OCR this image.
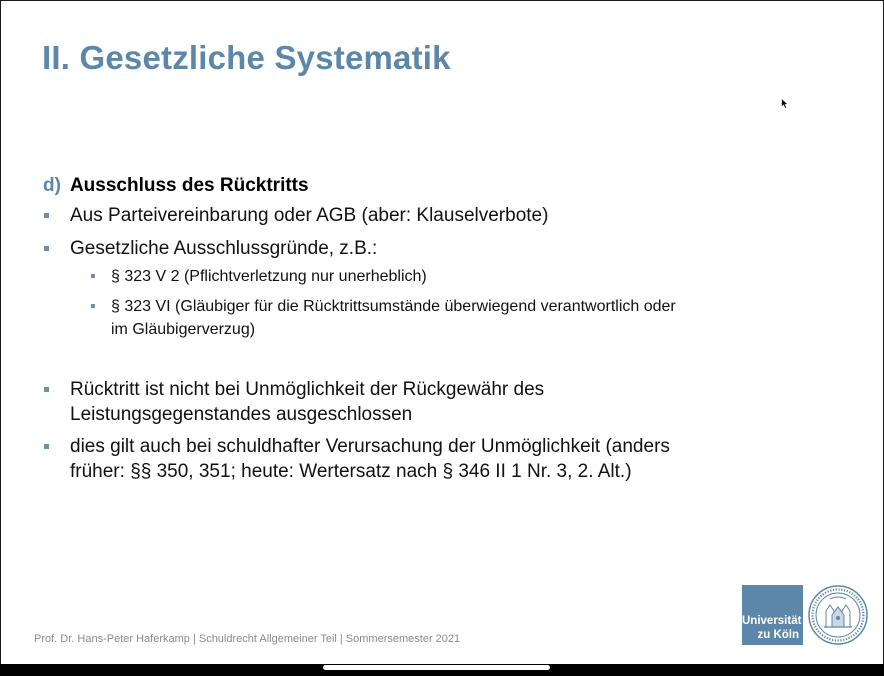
II. Gesetzliche Systematik
d) Ausschluss des Rücktritts
Aus Parteivereinbarung oder AGB (aber: Klauselverbote)
Gesetzliche Ausschlussgründe, z.B.:
§ 323 V 2 (Pflichtverletzung nur unerheblich)
§ 323 VI (Gläubiger für die Rücktrittsumstände überwiegend verantwortlich oder
im Gläubigerverzug)
Rücktritt ist nicht bei Unmöglichkeit der Rückgewähr des
Leistungsgegenstandes ausgeschlossen
dies gilt auch bei schuldhafter Verursachung der Unmöglichkeit (anders
früher: §§ 350, 351; heute: Wertersatz nach § 346 II 1 Nr. 3, 2. Alt.)
Prof. Dr. Hans-Peter Haferkamp | Schuldrecht Allgemeiner Teil | Sommersemester 2021
Universität
zu Köln
